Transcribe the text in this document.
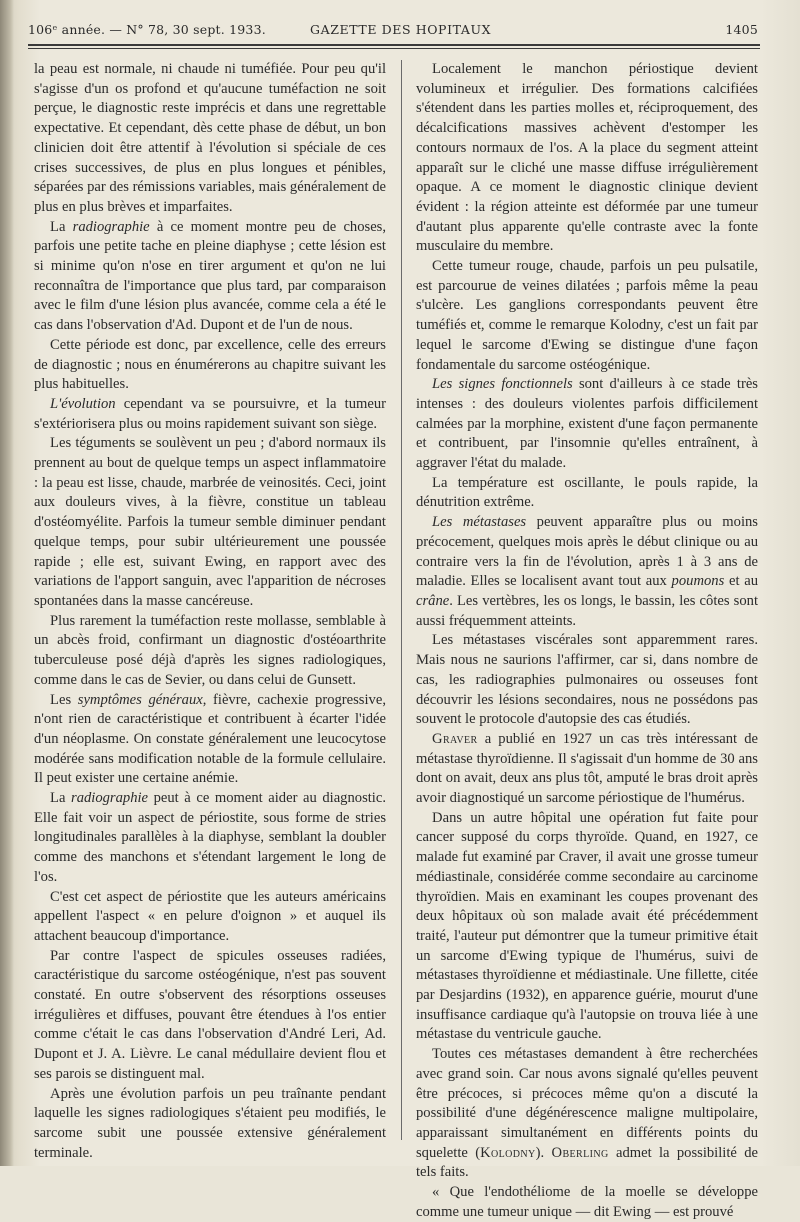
106ᵉ année. — N° 78, 30 sept. 1933.	GAZETTE DES HOPITAUX	1405

la peau est normale, ni chaude ni tuméfiée. Pour peu qu'il s'agisse d'un os profond et qu'aucune tuméfaction ne soit perçue, le diagnostic reste imprécis et dans une regrettable expectative. Et cependant, dès cette phase de début, un bon clinicien doit être attentif à l'évolution si spéciale de ces crises successives, de plus en plus longues et pénibles, séparées par des rémissions variables, mais généralement de plus en plus brèves et imparfaites.

La radiographie à ce moment montre peu de choses, parfois une petite tache en pleine diaphyse ; cette lésion est si minime qu'on n'ose en tirer argument et qu'on ne lui reconnaîtra de l'importance que plus tard, par comparaison avec le film d'une lésion plus avancée, comme cela a été le cas dans l'observation d'Ad. Dupont et de l'un de nous.

Cette période est donc, par excellence, celle des erreurs de diagnostic ; nous en énumérerons au chapitre suivant les plus habituelles.

L'évolution cependant va se poursuivre, et la tumeur s'extériorisera plus ou moins rapidement suivant son siège.

Les téguments se soulèvent un peu ; d'abord normaux ils prennent au bout de quelque temps un aspect inflammatoire : la peau est lisse, chaude, marbrée de veinosités. Ceci, joint aux douleurs vives, à la fièvre, constitue un tableau d'ostéomyélite. Parfois la tumeur semble diminuer pendant quelque temps, pour subir ultérieurement une poussée rapide ; elle est, suivant Ewing, en rapport avec des variations de l'apport sanguin, avec l'apparition de nécroses spontanées dans la masse cancéreuse.

Plus rarement la tuméfaction reste mollasse, semblable à un abcès froid, confirmant un diagnostic d'ostéoarthrite tuberculeuse posé déjà d'après les signes radiologiques, comme dans le cas de Sevier, ou dans celui de Gunsett.

Les symptômes généraux, fièvre, cachexie progressive, n'ont rien de caractéristique et contribuent à écarter l'idée d'un néoplasme. On constate généralement une leucocytose modérée sans modification notable de la formule cellulaire. Il peut exister une certaine anémie.

La radiographie peut à ce moment aider au diagnostic. Elle fait voir un aspect de périostite, sous forme de stries longitudinales parallèles à la diaphyse, semblant la doubler comme des manchons et s'étendant largement le long de l'os.

C'est cet aspect de périostite que les auteurs américains appellent l'aspect « en pelure d'oignon » et auquel ils attachent beaucoup d'importance.

Par contre l'aspect de spicules osseuses radiées, caractéristique du sarcome ostéogénique, n'est pas souvent constaté. En outre s'observent des résorptions osseuses irrégulières et diffuses, pouvant être étendues à l'os entier comme c'était le cas dans l'observation d'André Leri, Ad. Dupont et J. A. Lièvre. Le canal médullaire devient flou et ses parois se distinguent mal.

Après une évolution parfois un peu traînante pendant laquelle les signes radiologiques s'étaient peu modifiés, le sarcome subit une poussée extensive généralement terminale.

Localement le manchon périostique devient volumineux et irrégulier. Des formations calcifiées s'étendent dans les parties molles et, réciproquement, des décalcifications massives achèvent d'estomper les contours normaux de l'os. A la place du segment atteint apparaît sur le cliché une masse diffuse irrégulièrement opaque. A ce moment le diagnostic clinique devient évident : la région atteinte est déformée par une tumeur d'autant plus apparente qu'elle contraste avec la fonte musculaire du membre.

Cette tumeur rouge, chaude, parfois un peu pulsatile, est parcourue de veines dilatées ; parfois même la peau s'ulcère. Les ganglions correspondants peuvent être tuméfiés et, comme le remarque Kolodny, c'est un fait par lequel le sarcome d'Ewing se distingue d'une façon fondamentale du sarcome ostéogénique.

Les signes fonctionnels sont d'ailleurs à ce stade très intenses : des douleurs violentes parfois difficilement calmées par la morphine, existent d'une façon permanente et contribuent, par l'insomnie qu'elles entraînent, à aggraver l'état du malade.

La température est oscillante, le pouls rapide, la dénutrition extrême.

Les métastases peuvent apparaître plus ou moins précocement, quelques mois après le début clinique ou au contraire vers la fin de l'évolution, après 1 à 3 ans de maladie. Elles se localisent avant tout aux poumons et au crâne. Les vertèbres, les os longs, le bassin, les côtes sont aussi fréquemment atteints.

Les métastases viscérales sont apparemment rares. Mais nous ne saurions l'affirmer, car si, dans nombre de cas, les radiographies pulmonaires ou osseuses font découvrir les lésions secondaires, nous ne possédons pas souvent le protocole d'autopsie des cas étudiés.

Graver a publié en 1927 un cas très intéressant de métastase thyroïdienne. Il s'agissait d'un homme de 30 ans dont on avait, deux ans plus tôt, amputé le bras droit après avoir diagnostiqué un sarcome périostique de l'humérus.

Dans un autre hôpital une opération fut faite pour cancer supposé du corps thyroïde. Quand, en 1927, ce malade fut examiné par Craver, il avait une grosse tumeur médiastinale, considérée comme secondaire au carcinome thyroïdien. Mais en examinant les coupes provenant des deux hôpitaux où son malade avait été précédemment traité, l'auteur put démontrer que la tumeur primitive était un sarcome d'Ewing typique de l'humérus, suivi de métastases thyroïdienne et médiastinale. Une fillette, citée par Desjardins (1932), en apparence guérie, mourut d'une insuffisance cardiaque qu'à l'autopsie on trouva liée à une métastase du ventricule gauche.

Toutes ces métastases demandent à être recherchées avec grand soin. Car nous avons signalé qu'elles peuvent être précoces, si précoces même qu'on a discuté la possibilité d'une dégénérescence maligne multipolaire, apparaissant simultanément en différents points du squelette (Kolodny). Oberling admet la possibilité de tels faits.

« Que l'endothéliome de la moelle se développe comme une tumeur unique — dit Ewing — est prouvé
